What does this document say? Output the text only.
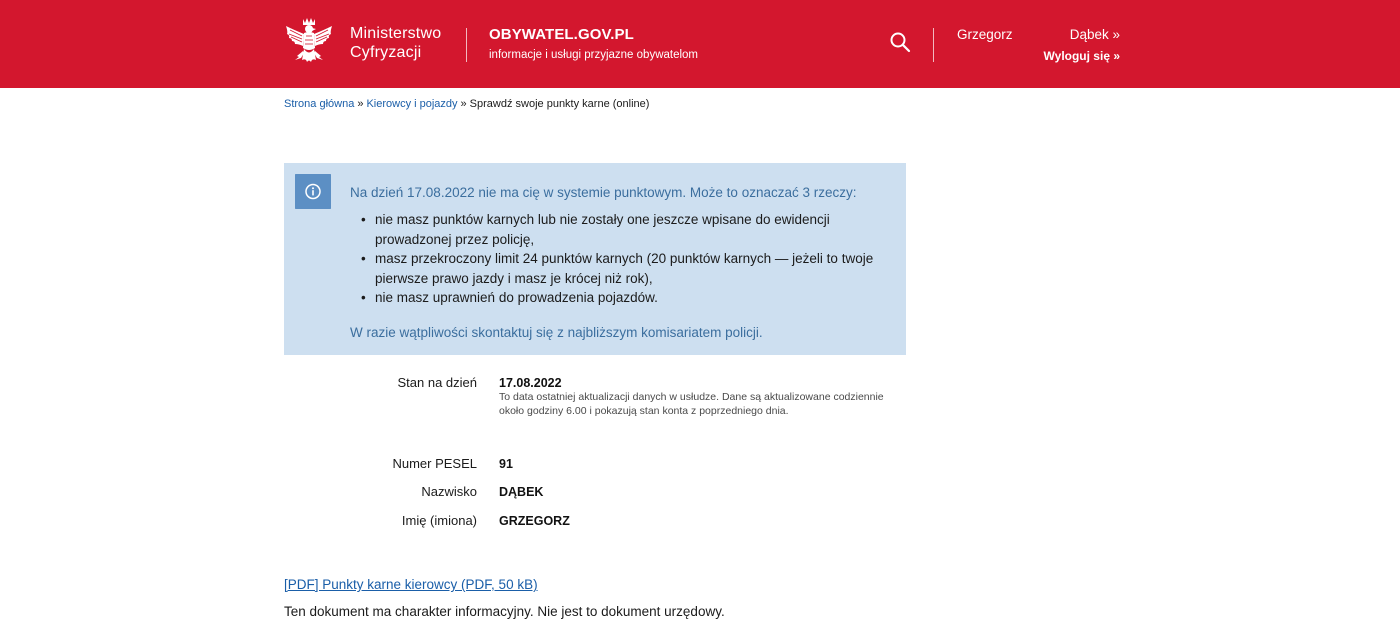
Ministerstwo
Cyfryzacji
OBYWATEL.GOV.PL
informacje i usługi przyjazne obywatelom
Grzegorz	Dąbek »
Wyloguj się »
Strona główna » Kierowcy i pojazdy » Sprawdź swoje punkty karne (online)
Na dzień 17.08.2022 nie ma cię w systemie punktowym. Może to oznaczać 3 rzeczy:
• nie masz punktów karnych lub nie zostały one jeszcze wpisane do ewidencji prowadzonej przez policję,
• masz przekroczony limit 24 punktów karnych (20 punktów karnych — jeżeli to twoje pierwsze prawo jazdy i masz je krócej niż rok),
• nie masz uprawnień do prowadzenia pojazdów.
W razie wątpliwości skontaktuj się z najbliższym komisariatem policji.
Stan na dzień 17.08.2022
To data ostatniej aktualizacji danych w usłudze. Dane są aktualizowane codziennie około godziny 6.00 i pokazują stan konta z poprzedniego dnia.
Numer PESEL 91
Nazwisko DĄBEK
Imię (imiona) GRZEGORZ
[PDF] Punkty karne kierowcy (PDF, 50 kB)
Ten dokument ma charakter informacyjny. Nie jest to dokument urzędowy.
